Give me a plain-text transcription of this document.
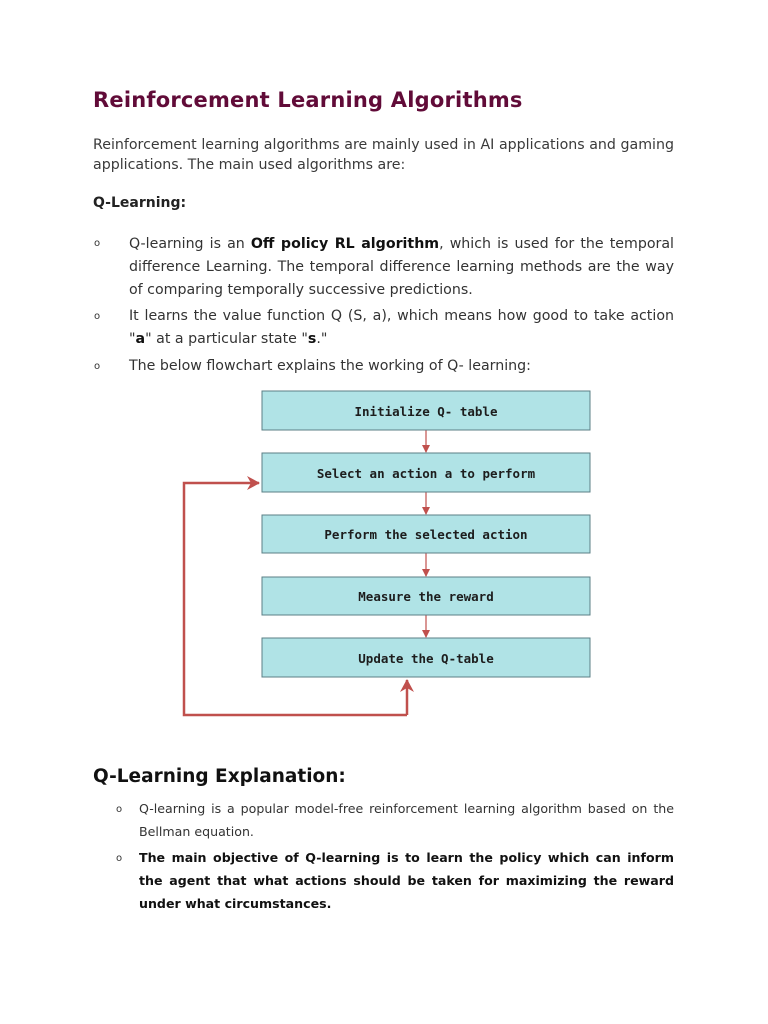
Reinforcement Learning Algorithms

Reinforcement learning algorithms are mainly used in AI applications and gaming applications. The main used algorithms are:

Q-Learning:

o Q-learning is an Off policy RL algorithm, which is used for the temporal difference Learning. The temporal difference learning methods are the way of comparing temporally successive predictions.

o It learns the value function Q (S, a), which means how good to take action "a" at a particular state "s."

o The below flowchart explains the working of Q- learning:

Initialize Q- table
Select an action a to perform
Perform the selected action
Measure the reward
Update the Q-table
Q-Learning Explanation:
o Q-learning is a popular model-free reinforcement learning algorithm based on the Bellman equation.

o The main objective of Q-learning is to learn the policy which can inform the agent that what actions should be taken for maximizing the reward under what circumstances.
